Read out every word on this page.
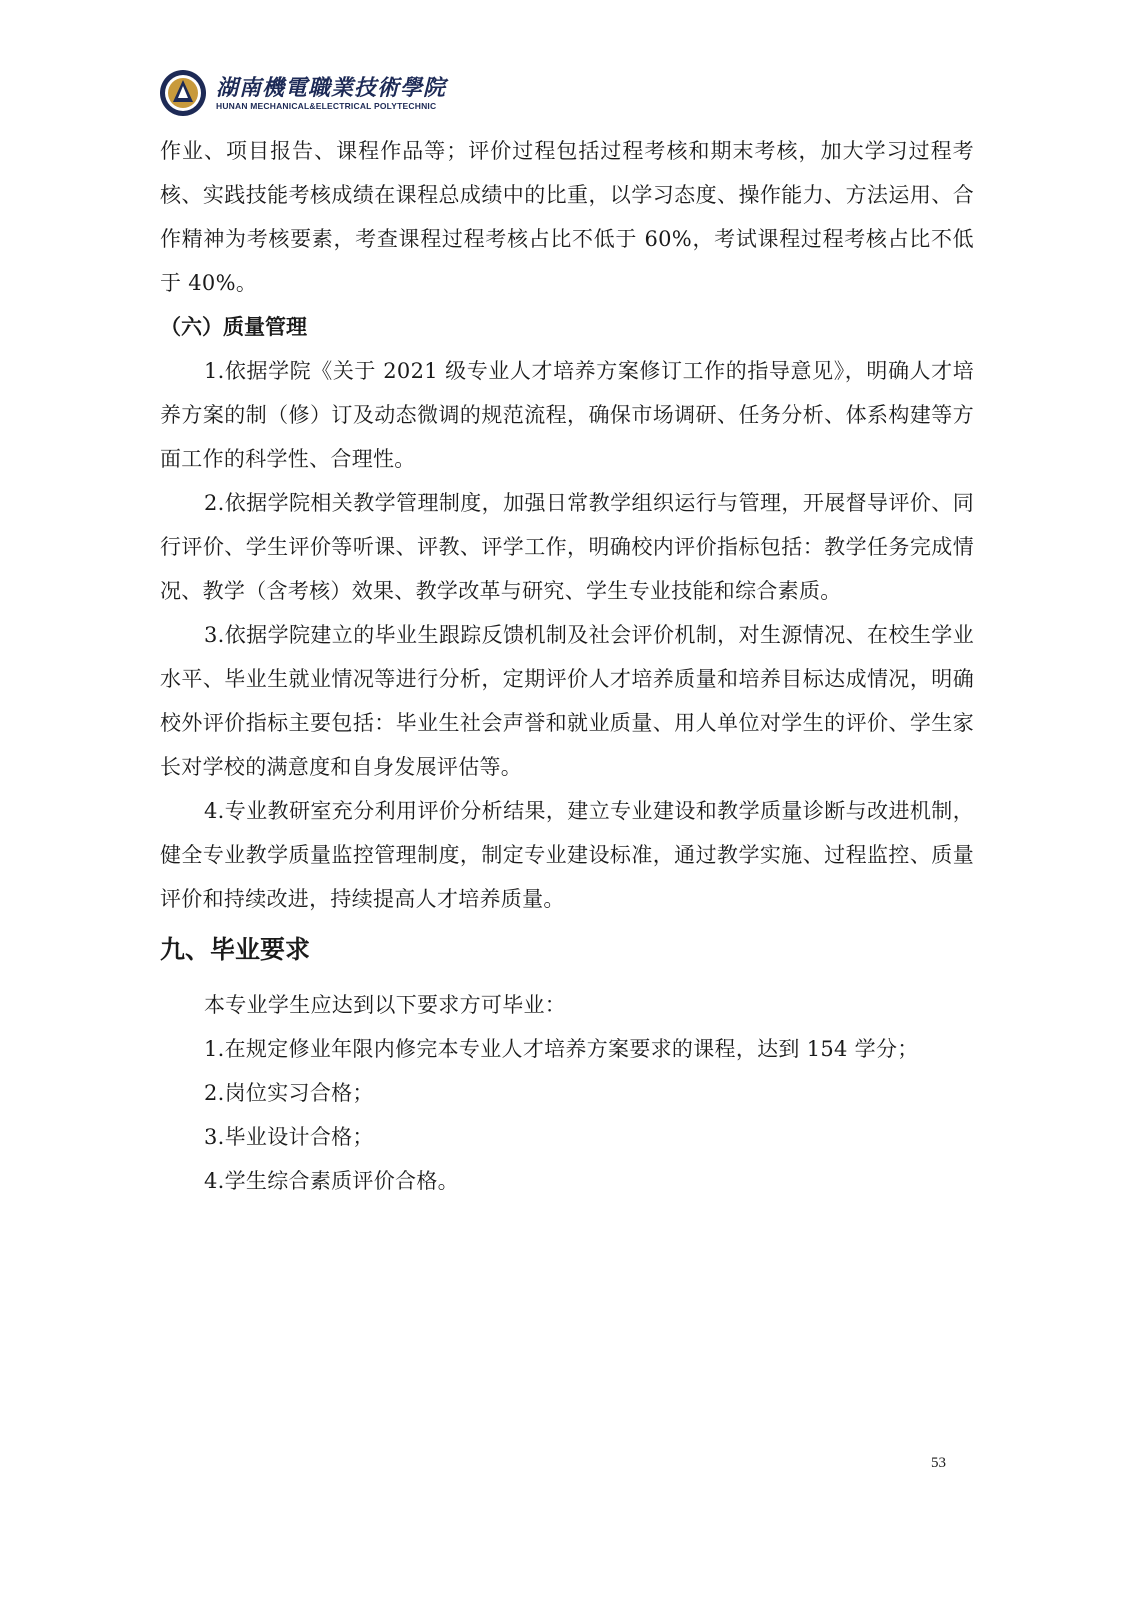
湖南機電職業技術學院
HUNAN MECHANICAL&ELECTRICAL POLYTECHNIC

作业、项目报告、课程作品等；评价过程包括过程考核和期末考核，加大学习过程考核、实践技能考核成绩在课程总成绩中的比重，以学习态度、操作能力、方法运用、合作精神为考核要素，考查课程过程考核占比不低于 60%，考试课程过程考核占比不低于 40%。

（六）质量管理

1.依据学院《关于 2021 级专业人才培养方案修订工作的指导意见》，明确人才培养方案的制（修）订及动态微调的规范流程，确保市场调研、任务分析、体系构建等方面工作的科学性、合理性。

2.依据学院相关教学管理制度，加强日常教学组织运行与管理，开展督导评价、同行评价、学生评价等听课、评教、评学工作，明确校内评价指标包括：教学任务完成情况、教学（含考核）效果、教学改革与研究、学生专业技能和综合素质。

3.依据学院建立的毕业生跟踪反馈机制及社会评价机制，对生源情况、在校生学业水平、毕业生就业情况等进行分析，定期评价人才培养质量和培养目标达成情况，明确校外评价指标主要包括：毕业生社会声誉和就业质量、用人单位对学生的评价、学生家长对学校的满意度和自身发展评估等。

4.专业教研室充分利用评价分析结果，建立专业建设和教学质量诊断与改进机制，健全专业教学质量监控管理制度，制定专业建设标准，通过教学实施、过程监控、质量评价和持续改进，持续提高人才培养质量。

九、毕业要求

本专业学生应达到以下要求方可毕业：

1.在规定修业年限内修完本专业人才培养方案要求的课程，达到 154 学分；

2.岗位实习合格；

3.毕业设计合格；

4.学生综合素质评价合格。

53
